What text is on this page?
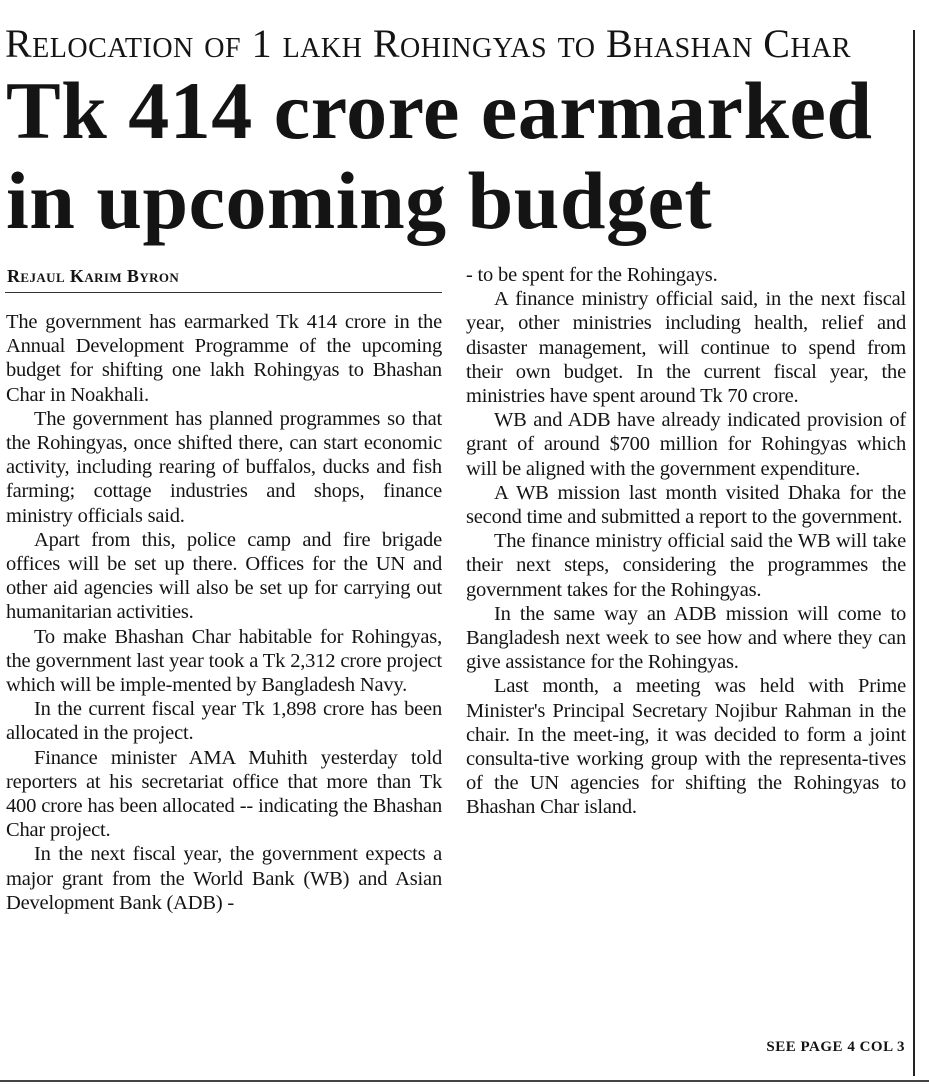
Relocation of 1 lakh Rohingyas to Bhashan Char
Tk 414 crore earmarked
in upcoming budget
Rejaul Karim Byron

The government has earmarked Tk 414 crore in the Annual Development Programme of the upcoming budget for shifting one lakh Rohingyas to Bhashan Char in Noakhali.

The government has planned programmes so that the Rohingyas, once shifted there, can start economic activity, including rearing of buffalos, ducks and fish farming; cottage industries and shops, finance ministry officials said.

Apart from this, police camp and fire brigade offices will be set up there. Offices for the UN and other aid agencies will also be set up for carrying out humanitarian activities.

To make Bhashan Char habitable for Rohingyas, the government last year took a Tk 2,312 crore project which will be imple-mented by Bangladesh Navy.

In the current fiscal year Tk 1,898 crore has been allocated in the project.

Finance minister AMA Muhith yesterday told reporters at his secretariat office that more than Tk 400 crore has been allocated -- indicating the Bhashan Char project.

In the next fiscal year, the government expects a major grant from the World Bank (WB) and Asian Development Bank (ADB) -

- to be spent for the Rohingays.

A finance ministry official said, in the next fiscal year, other ministries including health, relief and disaster management, will continue to spend from their own budget. In the current fiscal year, the ministries have spent around Tk 70 crore.

WB and ADB have already indicated provision of grant of around $700 million for Rohingyas which will be aligned with the government expenditure.

A WB mission last month visited Dhaka for the second time and submitted a report to the government.

The finance ministry official said the WB will take their next steps, considering the programmes the government takes for the Rohingyas.

In the same way an ADB mission will come to Bangladesh next week to see how and where they can give assistance for the Rohingyas.

Last month, a meeting was held with Prime Minister's Principal Secretary Nojibur Rahman in the chair. In the meet-ing, it was decided to form a joint consulta-tive working group with the representa-tives of the UN agencies for shifting the Rohingyas to Bhashan Char island.

SEE PAGE 4 COL 3
